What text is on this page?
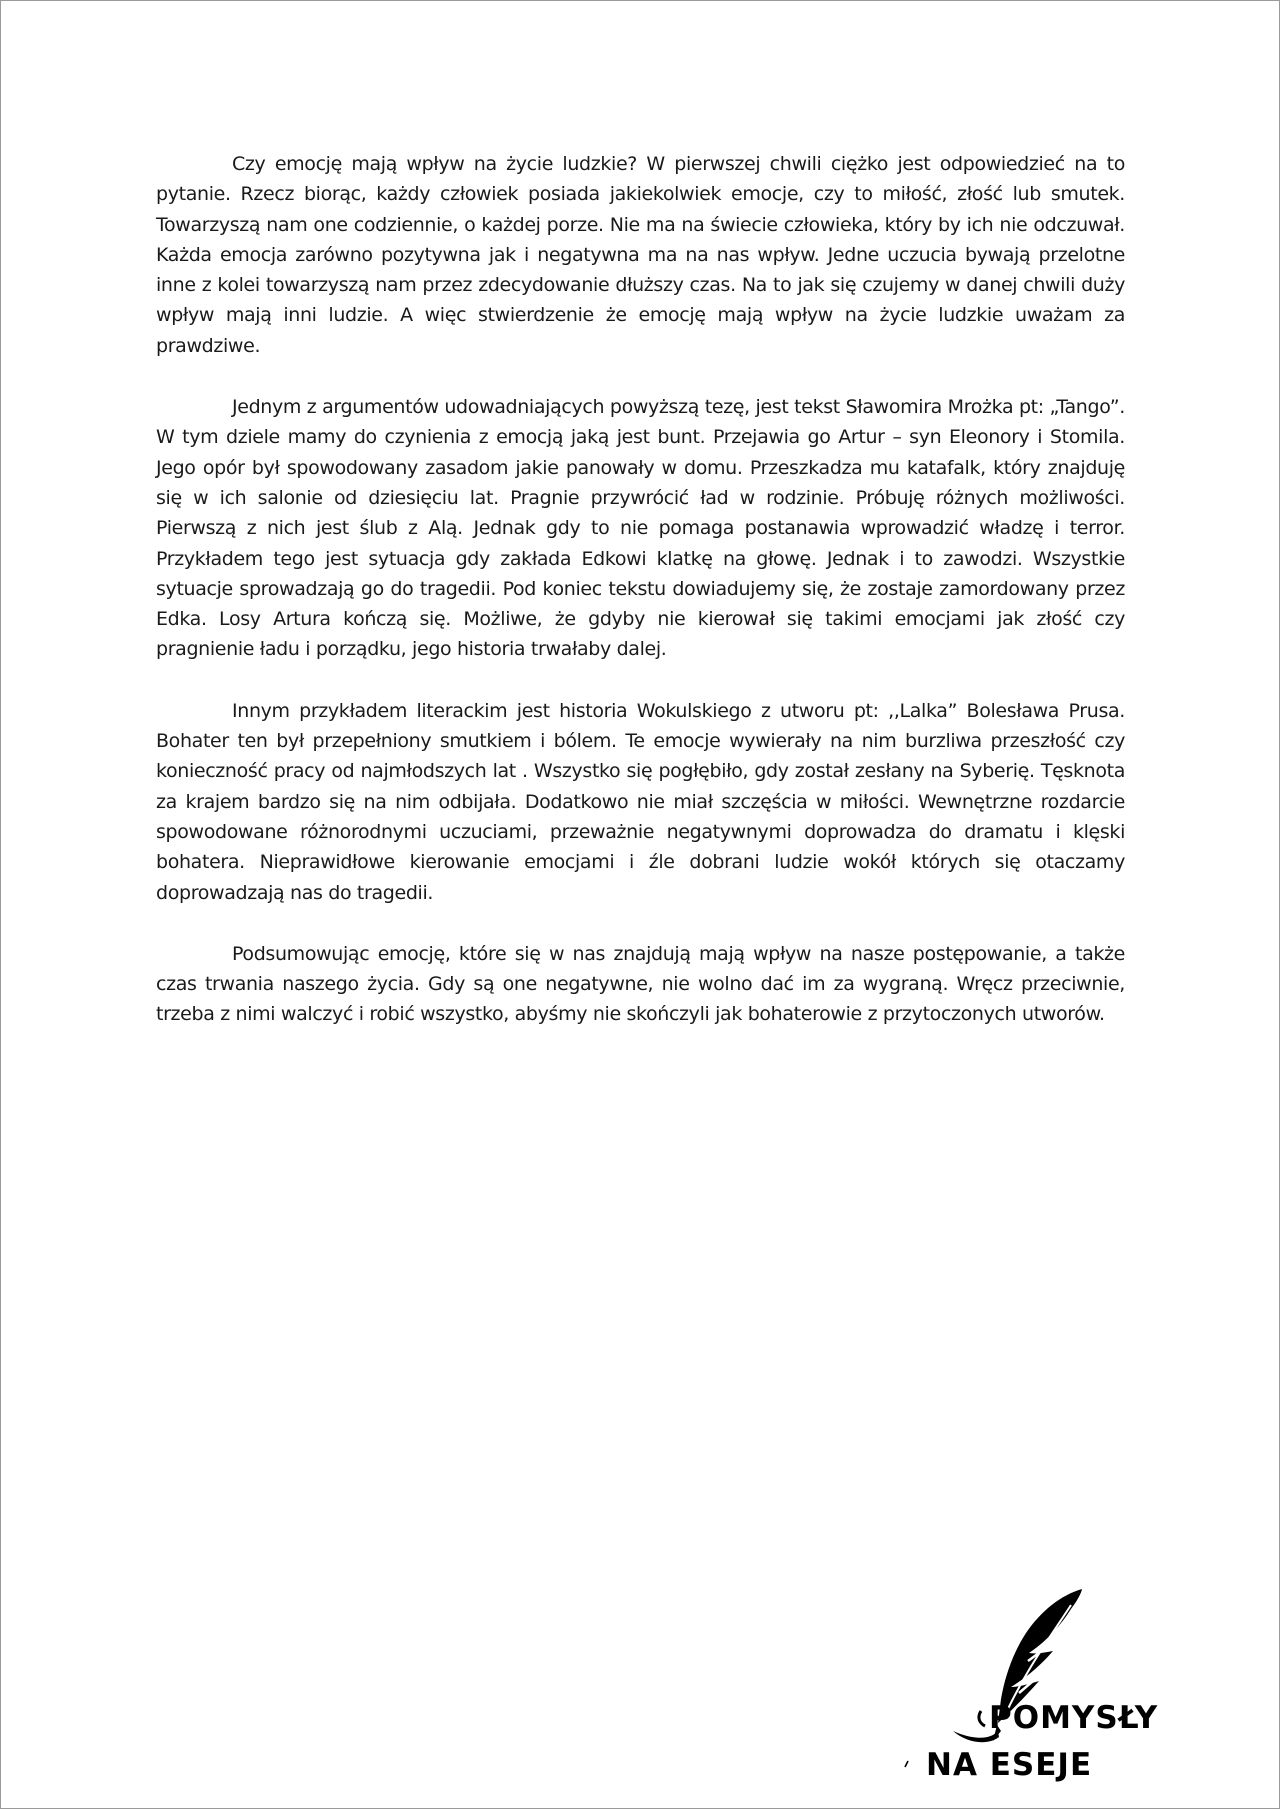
Czy emocję mają wpływ na życie ludzkie? W pierwszej chwili ciężko jest odpowiedzieć na to pytanie. Rzecz biorąc, każdy człowiek posiada jakiekolwiek emocje, czy to miłość, złość lub smutek. Towarzyszą nam one codziennie, o każdej porze. Nie ma na świecie człowieka, który by ich nie odczuwał. Każda emocja zarówno pozytywna jak i negatywna ma na nas wpływ. Jedne uczucia bywają przelotne inne z kolei towarzyszą nam przez zdecydowanie dłuższy czas. Na to jak się czujemy w danej chwili duży wpływ mają inni ludzie. A więc stwierdzenie że emocję mają wpływ na życie ludzkie uważam za prawdziwe.

Jednym z argumentów udowadniających powyższą tezę, jest tekst Sławomira Mrożka pt: „Tango”. W tym dziele mamy do czynienia z emocją jaką jest bunt. Przejawia go Artur – syn Eleonory i Stomila. Jego opór był spowodowany zasadom jakie panowały w domu. Przeszkadza mu katafalk, który znajduję się w ich salonie od dziesięciu lat. Pragnie przywrócić ład w rodzinie. Próbuję różnych możliwości. Pierwszą z nich jest ślub z Alą. Jednak gdy to nie pomaga postanawia wprowadzić władzę i terror. Przykładem tego jest sytuacja gdy zakłada Edkowi klatkę na głowę. Jednak i to zawodzi. Wszystkie sytuacje sprowadzają go do tragedii. Pod koniec tekstu dowiadujemy się, że zostaje zamordowany przez Edka. Losy Artura kończą się. Możliwe, że gdyby nie kierował się takimi emocjami jak złość czy pragnienie ładu i porządku, jego historia trwałaby dalej.

Innym przykładem literackim jest historia Wokulskiego z utworu pt: ,,Lalka” Bolesława Prusa. Bohater ten był przepełniony smutkiem i bólem. Te emocje wywierały na nim burzliwa przeszłość czy konieczność pracy od najmłodszych lat . Wszystko się pogłębiło, gdy został zesłany na Syberię. Tęsknota za krajem bardzo się na nim odbijała. Dodatkowo nie miał szczęścia w miłości. Wewnętrzne rozdarcie spowodowane różnorodnymi uczuciami, przeważnie negatywnymi doprowadza do dramatu i klęski bohatera. Nieprawidłowe kierowanie emocjami i źle dobrani ludzie wokół których się otaczamy doprowadzają nas do tragedii.

Podsumowując emocję, które się w nas znajdują mają wpływ na nasze postępowanie, a także czas trwania naszego życia. Gdy są one negatywne, nie wolno dać im za wygraną. Wręcz przeciwnie, trzeba z nimi walczyć i robić wszystko, abyśmy nie skończyli jak bohaterowie z przytoczonych utworów.

POMYSŁY
NA ESEJE
